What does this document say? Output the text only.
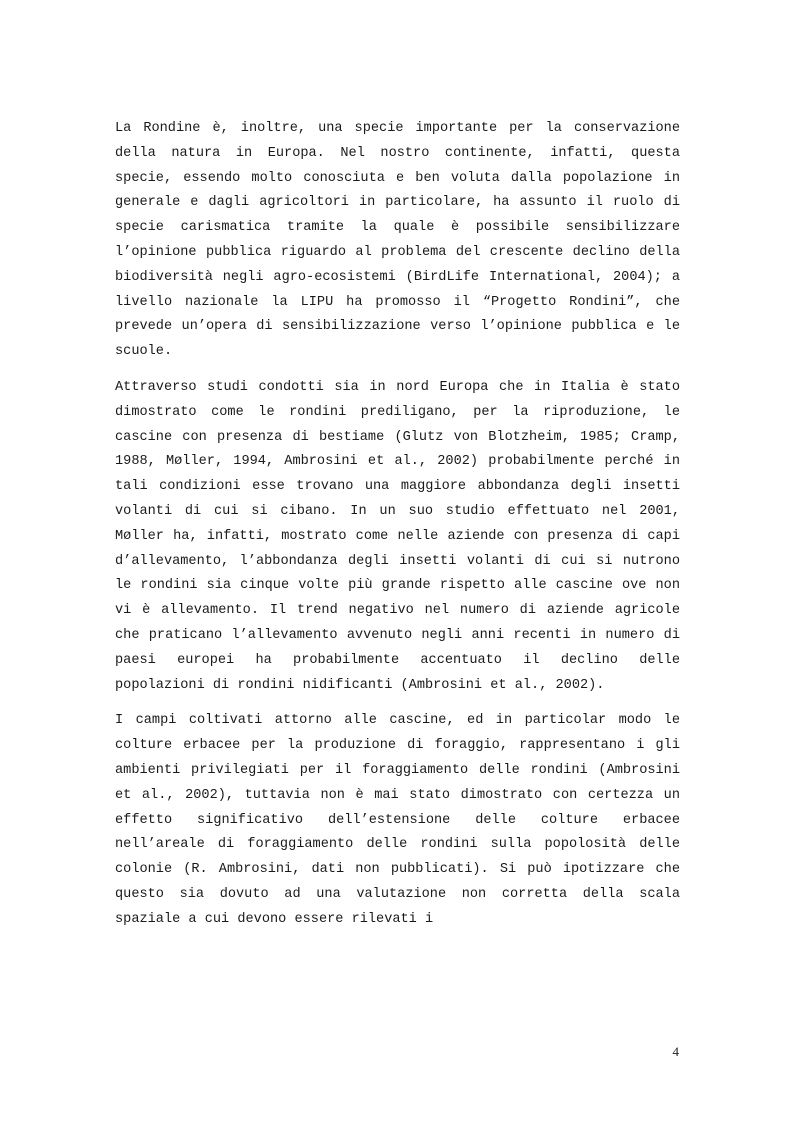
La Rondine è, inoltre, una specie importante per la conservazione della natura in Europa. Nel nostro continente, infatti, questa specie, essendo molto conosciuta e ben voluta dalla popolazione in generale e dagli agricoltori in particolare, ha assunto il ruolo di specie carismatica tramite la quale è possibile sensibilizzare l’opinione pubblica riguardo al problema del crescente declino della biodiversità negli agro-ecosistemi (BirdLife International, 2004); a livello nazionale la LIPU ha promosso il “Progetto Rondini”, che prevede un’opera di sensibilizzazione verso l’opinione pubblica e le scuole.

Attraverso studi condotti sia in nord Europa che in Italia è stato dimostrato come le rondini prediligano, per la riproduzione, le cascine con presenza di bestiame (Glutz von Blotzheim, 1985; Cramp, 1988, Møller, 1994, Ambrosini et al., 2002) probabilmente perché in tali condizioni esse trovano una maggiore abbondanza degli insetti volanti di cui si cibano. In un suo studio effettuato nel 2001, Møller ha, infatti, mostrato come nelle aziende con presenza di capi d’allevamento, l’abbondanza degli insetti volanti di cui si nutrono le rondini sia cinque volte più grande rispetto alle cascine ove non vi è allevamento. Il trend negativo nel numero di aziende agricole che praticano l’allevamento avvenuto negli anni recenti in numero di paesi europei ha probabilmente accentuato il declino delle popolazioni di rondini nidificanti (Ambrosini et al., 2002).

I campi coltivati attorno alle cascine, ed in particolar modo le colture erbacee per la produzione di foraggio, rappresentano i gli ambienti privilegiati per il foraggiamento delle rondini (Ambrosini et al., 2002), tuttavia non è mai stato dimostrato con certezza un effetto significativo dell’estensione delle colture erbacee nell’areale di foraggiamento delle rondini sulla popolosità delle colonie (R. Ambrosini, dati non pubblicati). Si può ipotizzare che questo sia dovuto ad una valutazione non corretta della scala spaziale a cui devono essere rilevati i

4
